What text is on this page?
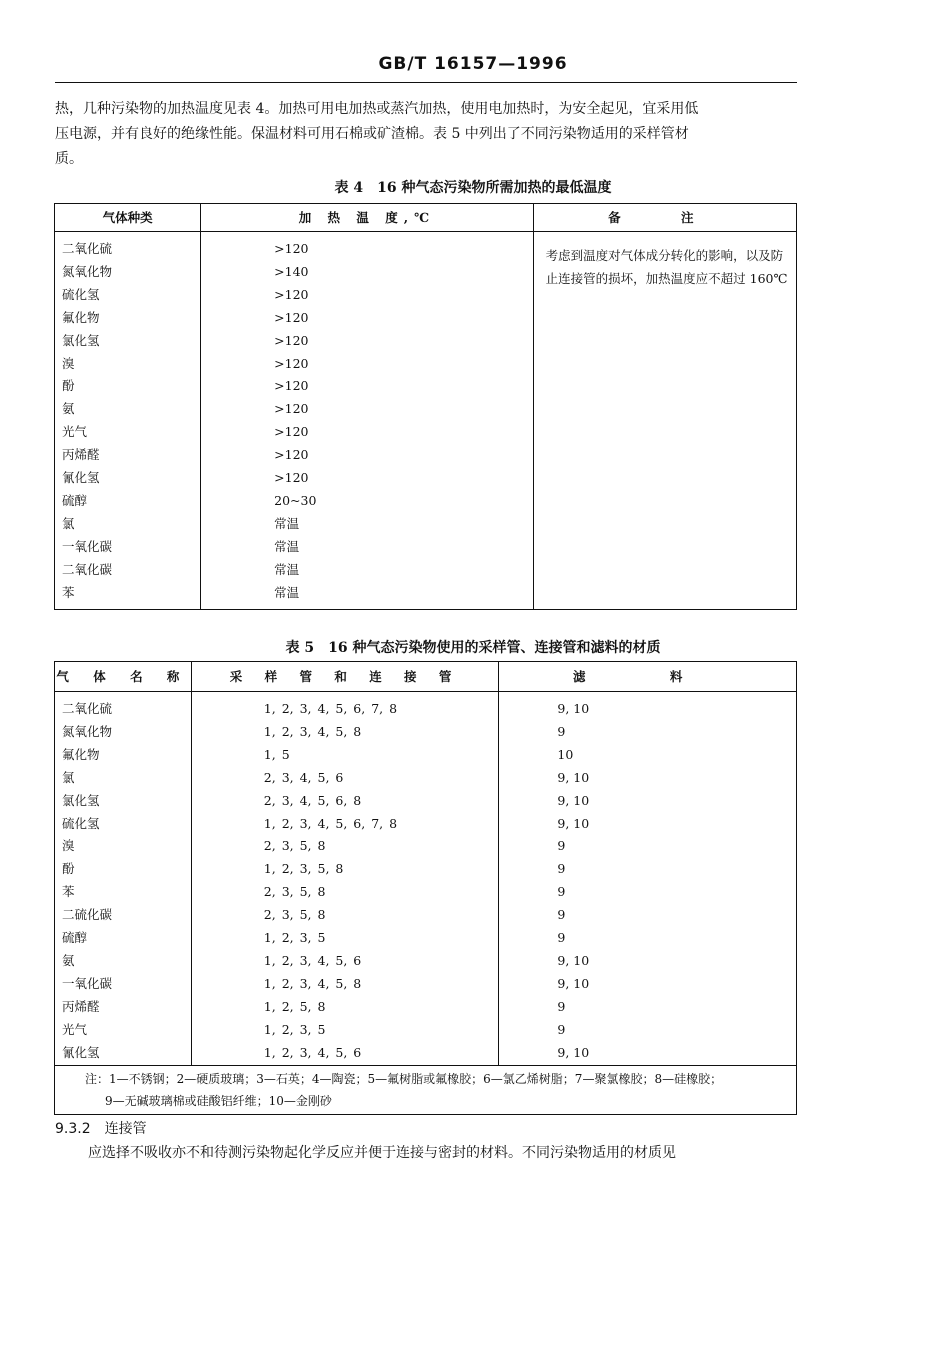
GB/T 16157—1996
热，几种污染物的加热温度见表 4。加热可用电加热或蒸汽加热，使用电加热时，为安全起见，宜采用低
压电源，并有良好的绝缘性能。保温材料可用石棉或矿渣棉。表 5 中列出了不同污染物适用的采样管材
质。
表 4　16 种气态污染物所需加热的最低温度
气体种类	加 热 温 度,℃	备 注
二氧化硫	>120	考虑到温度对气体成分转化的影响，以及防止连接管的损坏，加热温度应不超过 160℃

氮氧化物	>140	
硫化氢	>120	
氟化物	>120	
氯化氢	>120	
溴	>120	
酚	>120	
氨	>120	
光气	>120	
丙烯醛	>120	
氰化氢	>120	
硫醇	20~30	
氯	常温	
一氧化碳	常温	
二氧化碳	常温	
苯	常温	
表 5　16 种气态污染物使用的采样管、连接管和滤料的材质
气 体 名 称	采 样 管 和 连 接 管	滤 料
二氧化硫	1, 2, 3, 4, 5, 6, 7, 8	9, 10
氮氧化物	1, 2, 3, 4, 5, 8	9
氟化物	1, 5	10
氯	2, 3, 4, 5, 6	9, 10
氯化氢	2, 3, 4, 5, 6, 8	9, 10
硫化氢	1, 2, 3, 4, 5, 6, 7, 8	9, 10
溴	2, 3, 5, 8	9
酚	1, 2, 3, 5, 8	9
苯	2, 3, 5, 8	9
二硫化碳	2, 3, 5, 8	9
硫醇	1, 2, 3, 5	9
氨	1, 2, 3, 4, 5, 6	9, 10
一氧化碳	1, 2, 3, 4, 5, 8	9, 10
丙烯醛	1, 2, 5, 8	9
光气	1, 2, 3, 5	9
氰化氢	1, 2, 3, 4, 5, 6	9, 10

注：1—不锈钢；2—硬质玻璃；3—石英；4—陶瓷；5—氟树脂或氟橡胶；6—氯乙烯树脂；7—聚氯橡胶；8—硅橡胶；
9—无碱玻璃棉或硅酸铝纤维；10—金刚砂		
9.3.2 连接管
应选择不吸收亦不和待测污染物起化学反应并便于连接与密封的材料。不同污染物适用的材质见
